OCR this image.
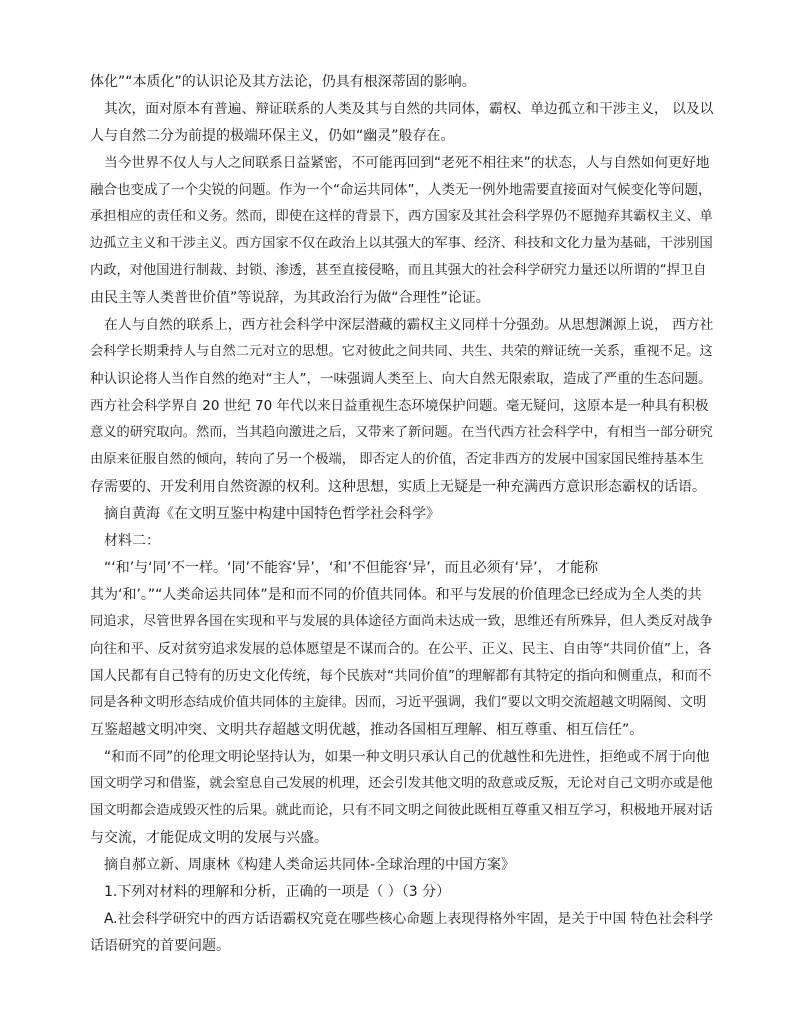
体化”“本质化”的认识论及其方法论，仍具有根深蒂固的影响。
其次，面对原本有普遍、辩证联系的人类及其与自然的共同体，霸权、单边孤立和干涉主义， 以及以
人与自然二分为前提的极端环保主义，仍如“幽灵”般存在。
当今世界不仅人与人之间联系日益紧密，不可能再回到“老死不相往来”的状态，人与自然如何更好地
融合也变成了一个尖锐的问题。作为一个“命运共同体”，人类无一例外地需要直接面对气候变化等问题，
承担相应的责任和义务。然而，即使在这样的背景下，西方国家及其社会科学界仍不愿抛弃其霸权主义、单
边孤立主义和干涉主义。西方国家不仅在政治上以其强大的军事、经济、科技和文化力量为基础，干涉别国
内政，对他国进行制裁、封锁、渗透，甚至直接侵略，而且其强大的社会科学研究力量还以所谓的“捍卫自
由民主等人类普世价值”等说辞，为其政治行为做“合理性”论证。
在人与自然的联系上，西方社会科学中深层潜藏的霸权主义同样十分强劲。从思想渊源上说， 西方社
会科学长期秉持人与自然二元对立的思想。它对彼此之间共同、共生、共荣的辩证统一关系，重视不足。这
种认识论将人当作自然的绝对“主人”，一味强调人类至上、向大自然无限索取，造成了严重的生态问题。
西方社会科学界自 20 世纪 70 年代以来日益重视生态环境保护问题。毫无疑问，这原本是一种具有积极
意义的研究取向。然而，当其趋向激进之后，又带来了新问题。在当代西方社会科学中，有相当一部分研究
由原来征服自然的倾向，转向了另一个极端， 即否定人的价值，否定非西方的发展中国家国民维持基本生
存需要的、开发利用自然资源的权利。这种思想，实质上无疑是一种充满西方意识形态霸权的话语。
摘自黄海《在文明互鉴中构建中国特色哲学社会科学》
材料二：
“‘和’与‘同’不一样。‘同’不能容‘异’，‘和’不但能容‘异’，而且必须有‘异’， 才能称
其为‘和’。”“人类命运共同体”是和而不同的价值共同体。和平与发展的价值理念已经成为全人类的共
同追求，尽管世界各国在实现和平与发展的具体途径方面尚未达成一致，思维还有所殊异，但人类反对战争
向往和平、反对贫穷追求发展的总体愿望是不谋而合的。在公平、正义、民主、自由等“共同价值”上，各
国人民都有自己特有的历史文化传统，每个民族对“共同价值”的理解都有其特定的指向和侧重点，和而不
同是各种文明形态结成价值共同体的主旋律。因而，习近平强调，我们“要以文明交流超越文明隔阂、文明
互鉴超越文明冲突、文明共存超越文明优越，推动各国相互理解、相互尊重、相互信任”。
“和而不同”的伦理文明论坚持认为，如果一种文明只承认自己的优越性和先进性，拒绝或不屑于向他
国文明学习和借鉴，就会窒息自己发展的机理，还会引发其他文明的敌意或反叛，无论对自己文明亦或是他
国文明都会造成毁灭性的后果。就此而论，只有不同文明之间彼此既相互尊重又相互学习，积极地开展对话
与交流，才能促成文明的发展与兴盛。
摘自郝立新、周康林《构建人类命运共同体-全球治理的中国方案》
1.下列对材料的理解和分析，正确的一项是（ ）（3 分）
A.社会科学研究中的西方话语霸权究竟在哪些核心命题上表现得格外牢固，是关于中国 特色社会科学
话语研究的首要问题。
